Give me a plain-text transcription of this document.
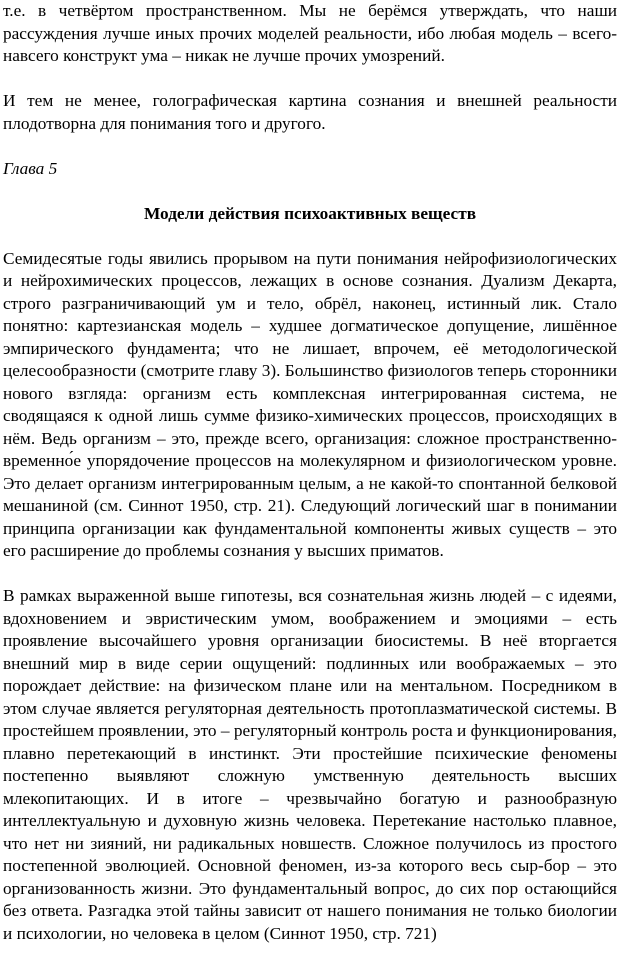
т.е. в четвёртом пространственном. Мы не берёмся утверждать, что наши рассуждения лучше иных прочих моделей реальности, ибо любая модель – всего-навсего конструкт ума – никак не лучше прочих умозрений.

И тем не менее, голографическая картина сознания и внешней реальности плодотворна для понимания того и другого.

Глава 5

Модели действия психоактивных веществ

Семидесятые годы явились прорывом на пути понимания нейрофизиологических и нейрохимических процессов, лежащих в основе сознания. Дуализм Декарта, строго разграничивающий ум и тело, обрёл, наконец, истинный лик. Стало понятно: картезианская модель – худшее догматическое допущение, лишённое эмпирического фундамента; что не лишает, впрочем, её методологической целесообразности (смотрите главу 3). Большинство физиологов теперь сторонники нового взгляда: организм есть комплексная интегрированная система, не сводящаяся к одной лишь сумме физико-химических процессов, происходящих в нём. Ведь организм – это, прежде всего, организация: сложное пространственно-временно́е упорядочение процессов на молекулярном и физиологическом уровне. Это делает организм интегрированным целым, а не какой-то спонтанной белковой мешаниной (см. Синнот 1950, стр. 21). Следующий логический шаг в понимании принципа организации как фундаментальной компоненты живых существ – это его расширение до проблемы сознания у высших приматов.

В рамках выраженной выше гипотезы, вся сознательная жизнь людей – с идеями, вдохновением и эвристическим умом, воображением и эмоциями – есть проявление высочайшего уровня организации биосистемы. В неё вторгается внешний мир в виде серии ощущений: подлинных или воображаемых – это порождает действие: на физическом плане или на ментальном. Посредником в этом случае является регуляторная деятельность протоплазматической системы. В простейшем проявлении, это – регуляторный контроль роста и функционирования, плавно перетекающий в инстинкт. Эти простейшие психические феномены постепенно выявляют сложную умственную деятельность высших млекопитающих. И в итоге – чрезвычайно богатую и разнообразную интеллектуальную и духовную жизнь человека. Перетекание настолько плавное, что нет ни зияний, ни радикальных новшеств. Сложное получилось из простого постепенной эволюцией. Основной феномен, из-за которого весь сыр-бор – это организованность жизни. Это фундаментальный вопрос, до сих пор остающийся без ответа. Разгадка этой тайны зависит от нашего понимания не только биологии и психологии, но человека в целом (Синнот 1950, стр. 721)
